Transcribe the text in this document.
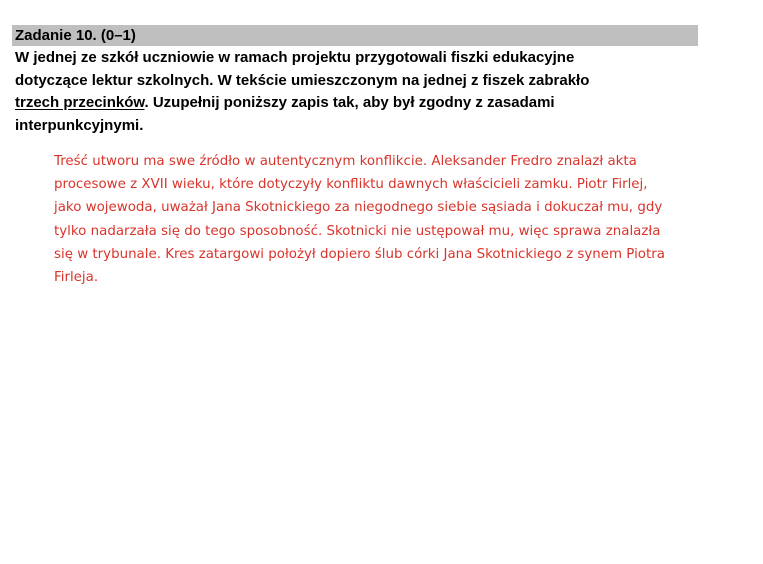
Zadanie 10. (0–1)
W jednej ze szkół uczniowie w ramach projektu przygotowali fiszki edukacyjne
dotyczące lektur szkolnych. W tekście umieszczonym na jednej z fiszek zabrakło
trzech przecinków. Uzupełnij poniższy zapis tak, aby był zgodny z zasadami
interpunkcyjnymi.
Treść utworu ma swe źródło w autentycznym konflikcie. Aleksander Fredro znalazł akta
procesowe z XVII wieku, które dotyczyły konfliktu dawnych właścicieli zamku. Piotr Firlej,
jako wojewoda, uważał Jana Skotnickiego za niegodnego siebie sąsiada i dokuczał mu, gdy
tylko nadarzała się do tego sposobność. Skotnicki nie ustępował mu, więc sprawa znalazła
się w trybunale. Kres zatargowi położył dopiero ślub córki Jana Skotnickiego z synem Piotra
Firleja.
